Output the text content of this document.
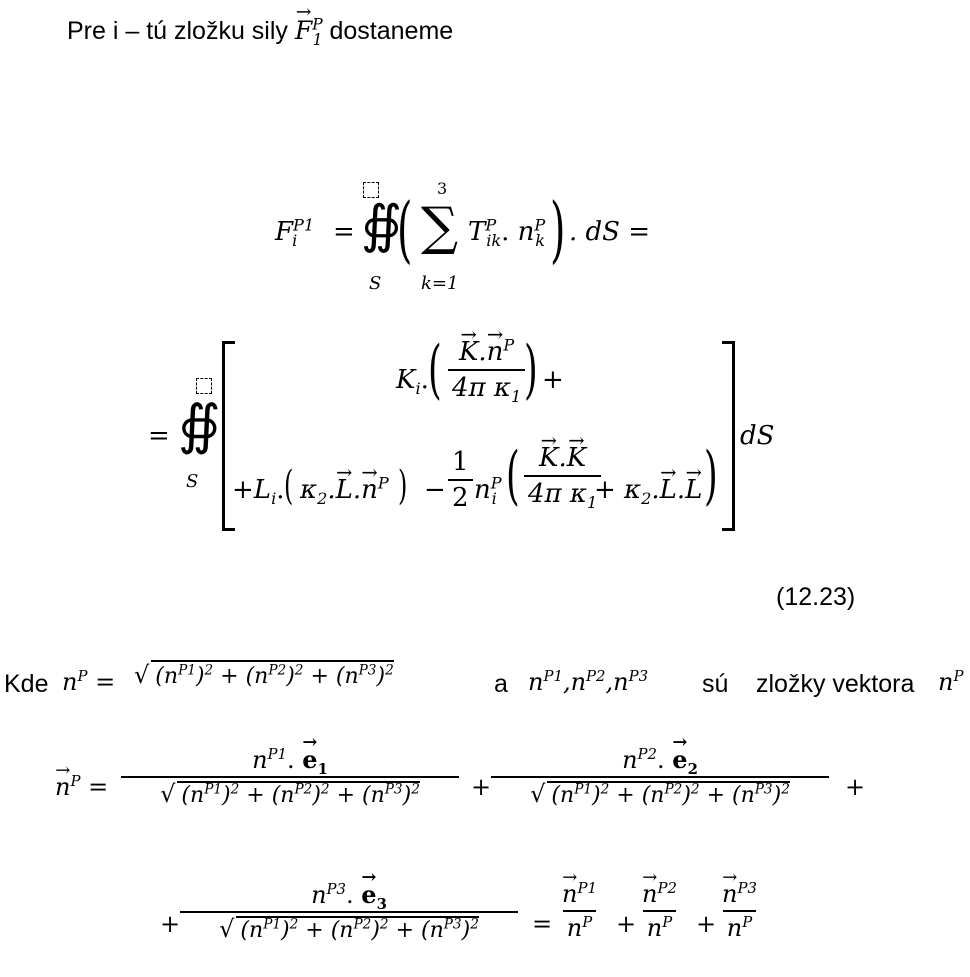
Pre i – tú zložku sily → $F^P_1$ dostaneme
$F^{P1}_i$ = ∯
S
( 3
∑
k=1
$T^P_{ik}$. $n^P_k$ ) . dS =
= ∯
S
$K_i$. ( → $\frac{K.\to n^P}{4\pi \kappa_1}$
) +
$+L_i$. ( $\kappa_2.\to L.\to n^P$ ) − $\frac{1}{2} n^P_i$ ( → $\frac{K.\to K}{4\pi \kappa_1}$
+ $\kappa_2.\to L.\to L$ )
dS
(12.23)
Kde $n^P$ = √ $(n^{P1})^2 + (n^{P2})^2 + (n^{P3})^2$	a $n^{P1},n^{P2},n^{P3}$ sú zložky vektora $n^P$
→ $n^P = \frac{n^{P1}. \to e_1}{√ (n^{P1})^2 + (n^{P2})^2 + (n^{P3})^2} + \frac{n^{P2}. \to e_2}{√ (n^{P1})^2 + (n^{P2})^2 + (n^{P3})^2}$ +
+ $\frac{n^{P3}. \to e_3}{√ (n^{P1})^2 + (n^{P2})^2 + (n^{P3})^2}$ = → $\frac{n^{P1}}{n^P}$ + → $\frac{n^{P2}}{n^P}$ + → $\frac{n^{P3}}{n^P}$
